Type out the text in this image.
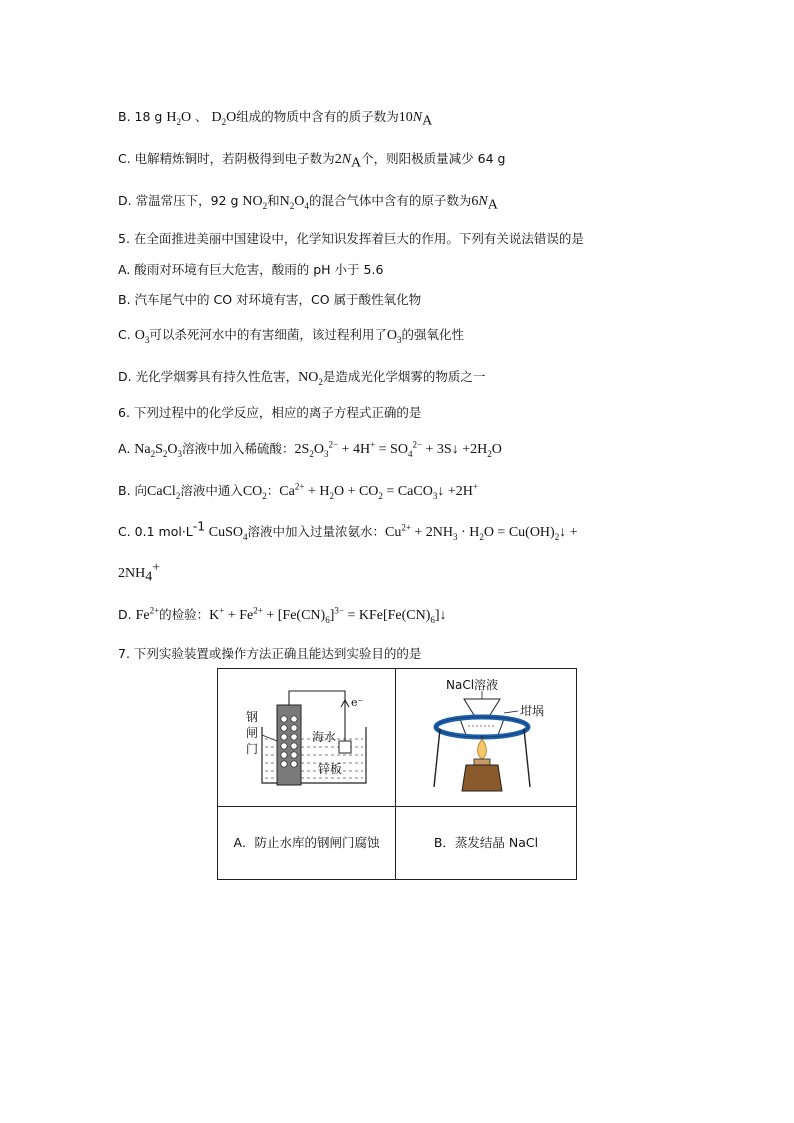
B. 18 g $H_2O$ 、 $D_2O$组成的物质中含有的质子数为$10N_A$
C. 电解精炼铜时，若阴极得到电子数为$2N_A$个，则阳极质量减少 64 g
D. 常温常压下，92 g $NO_2$和$N_2O_4$的混合气体中含有的原子数为$6N_A$
5. 在全面推进美丽中国建设中，化学知识发挥着巨大的作用。下列有关说法错误的是
A. 酸雨对环境有巨大危害，酸雨的 pH 小于 5.6
B. 汽车尾气中的 CO 对环境有害，CO 属于酸性氧化物
C. $O_3$可以杀死河水中的有害细菌，该过程利用了$O_3$的强氧化性
D. 光化学烟雾具有持久性危害，$NO_2$是造成光化学烟雾的物质之一
6. 下列过程中的化学反应，相应的离子方程式正确的是
A. $Na_2S_2O_3$溶液中加入稀硫酸：$2S_2O_3^{2-} + 4H^+ = SO_4^{2-}$ + 3S↓ $+2H_2O$
B. 向CaCl$_2$溶液中通入$CO_2$：$Ca^{2+} + H_2O + CO_2$ = CaCO$_3$↓ +2H+
C. 0.1 $mol\cdot L^{-1}$ CuSO$_4$溶液中加入过量浓氨水：$Cu^{2+} + 2NH_3 \cdot H_2O$ = $Cu(OH)_2↓$ +
$2NH_4^+$
D. $Fe^{2+}$的检验：$K^+ + Fe^{2+} + [Fe(CN)_6]^{3-}$ = $KFe[Fe(CN)_6]↓$
7. 下列实验装置或操作方法正确且能达到实验目的的是
钢闸门
e⁻
海水
锌板	NaCl溶液
坩埚

A．防止水库的钢闸门腐蚀	B．蒸发结晶 NaCl
